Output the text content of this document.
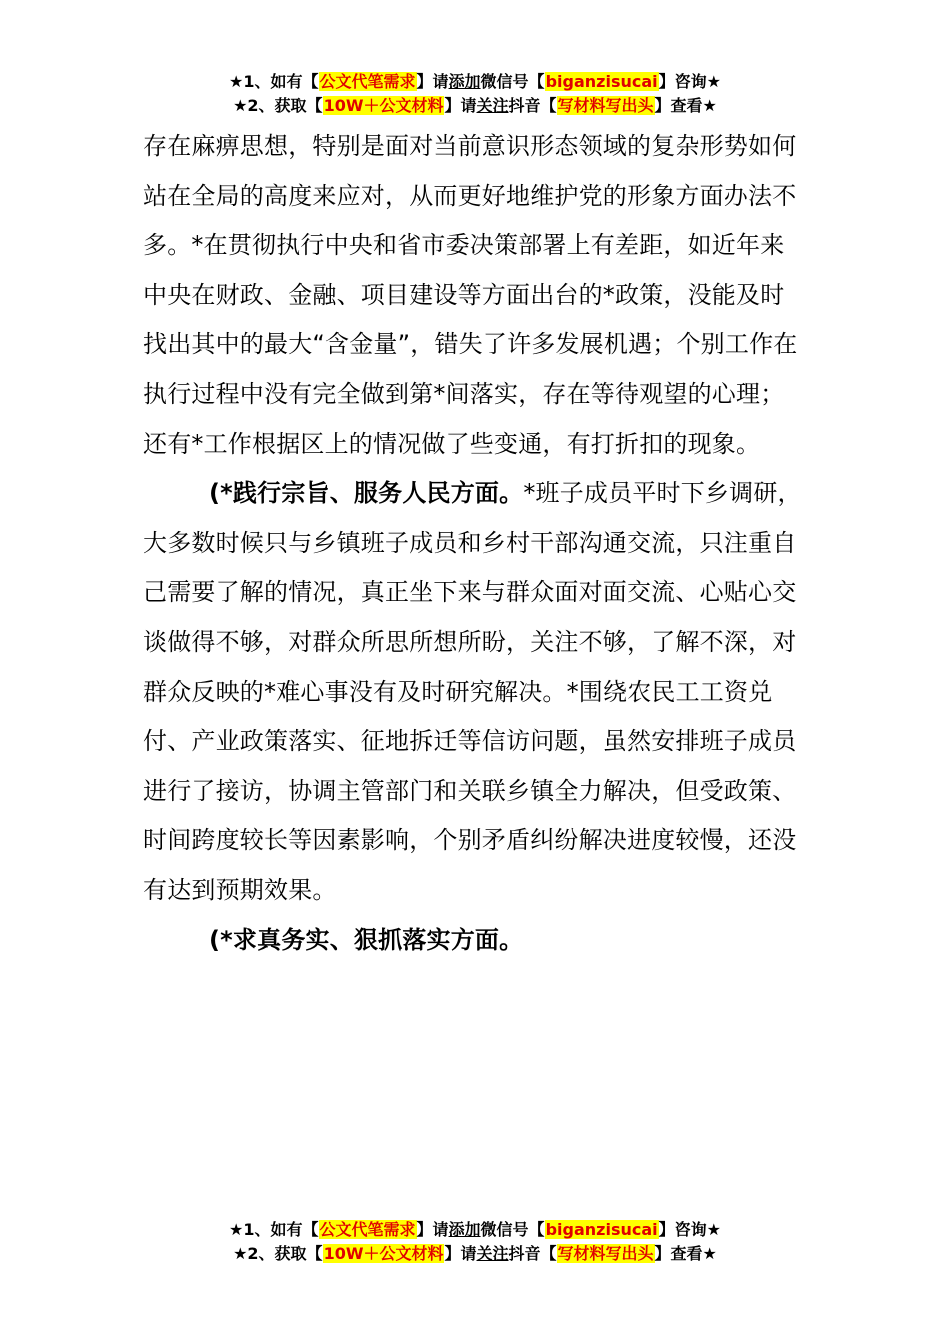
★1、如有【公文代笔需求】请添加微信号【biganzisucai】咨询★
★2、获取【10W＋公文材料】请关注抖音【写材料写出头】查看★

存在麻痹思想，特别是面对当前意识形态领域的复杂形势如何站在全局的高度来应对，从而更好地维护党的形象方面办法不多。*在贯彻执行中央和省市委决策部署上有差距，如近年来中央在财政、金融、项目建设等方面出台的*政策，没能及时找出其中的最大“含金量”，错失了许多发展机遇；个别工作在执行过程中没有完全做到第*间落实，存在等待观望的心理；还有*工作根据区上的情况做了些变通，有打折扣的现象。

(*践行宗旨、服务人民方面。*班子成员平时下乡调研，大多数时候只与乡镇班子成员和乡村干部沟通交流，只注重自己需要了解的情况，真正坐下来与群众面对面交流、心贴心交谈做得不够，对群众所思所想所盼，关注不够，了解不深，对群众反映的*难心事没有及时研究解决。*围绕农民工工资兑付、产业政策落实、征地拆迁等信访问题，虽然安排班子成员进行了接访，协调主管部门和关联乡镇全力解决，但受政策、时间跨度较长等因素影响，个别矛盾纠纷解决进度较慢，还没有达到预期效果。

(*求真务实、狠抓落实方面。

★1、如有【公文代笔需求】请添加微信号【biganzisucai】咨询★
★2、获取【10W＋公文材料】请关注抖音【写材料写出头】查看★
